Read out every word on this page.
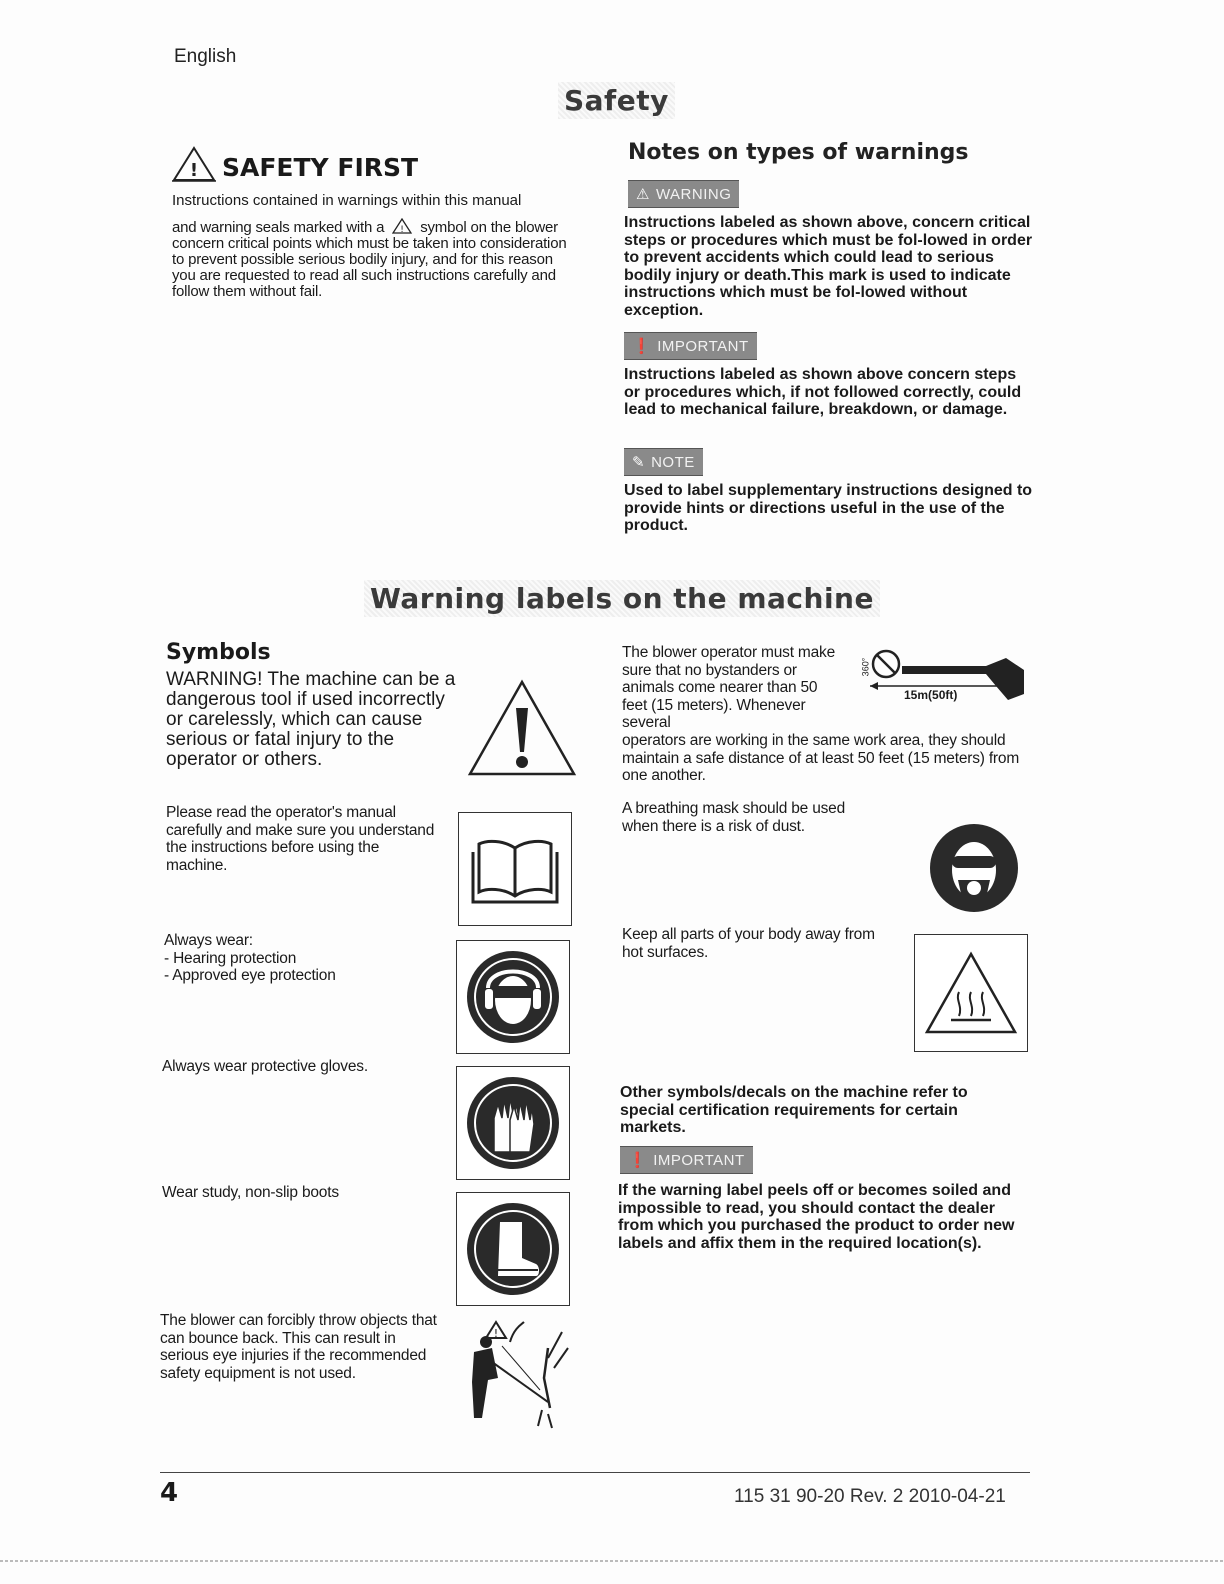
English
Safety
! SAFETY FIRST
Instructions contained in warnings within this manual
and warning seals marked with a ! symbol on the blower concern critical points which must be taken into consideration to prevent possible serious bodily injury, and for this reason you are requested to read all such instructions carefully and follow them without fail.
Notes on types of warnings
⚠ WARNING
Instructions labeled as shown above, concern critical steps or procedures which must be fol-lowed in order to prevent accidents which could lead to serious bodily injury or death.This mark is used to indicate instructions which must be fol-lowed without exception.
❗ IMPORTANT
Instructions labeled as shown above concern steps or procedures which, if not followed correctly, could lead to mechanical failure, breakdown, or damage.
✎ NOTE
Used to label supplementary instructions designed to provide hints or directions useful in the use of the product.
Warning labels on the machine
Symbols
WARNING! The machine can be a dangerous tool if used incorrectly or carelessly, which can cause serious or fatal injury to the operator or others.
Please read the operator's manual carefully and make sure you understand the instructions before using the machine.
Always wear:
- Hearing protection
- Approved eye protection
Always wear protective gloves.
Wear study, non-slip boots
The blower can forcibly throw objects that can bounce back. This can result in serious eye injuries if the recommended safety equipment is not used.
!
The blower operator must make sure that no bystanders or animals come nearer than 50 feet (15 meters). Whenever several
operators are working in the same work area, they should maintain a safe distance of at least 50 feet (15 meters) from one another.
360°
15m(50ft)
A breathing mask should be used when there is a risk of dust.
Keep all parts of your body away from hot surfaces.
Other symbols/decals on the machine refer to special certification requirements for certain markets.
❗ IMPORTANT
If the warning label peels off or becomes soiled and impossible to read, you should contact the dealer from which you purchased the product to order new labels and affix them in the required location(s).
4	115 31 90-20 Rev. 2 2010-04-21
